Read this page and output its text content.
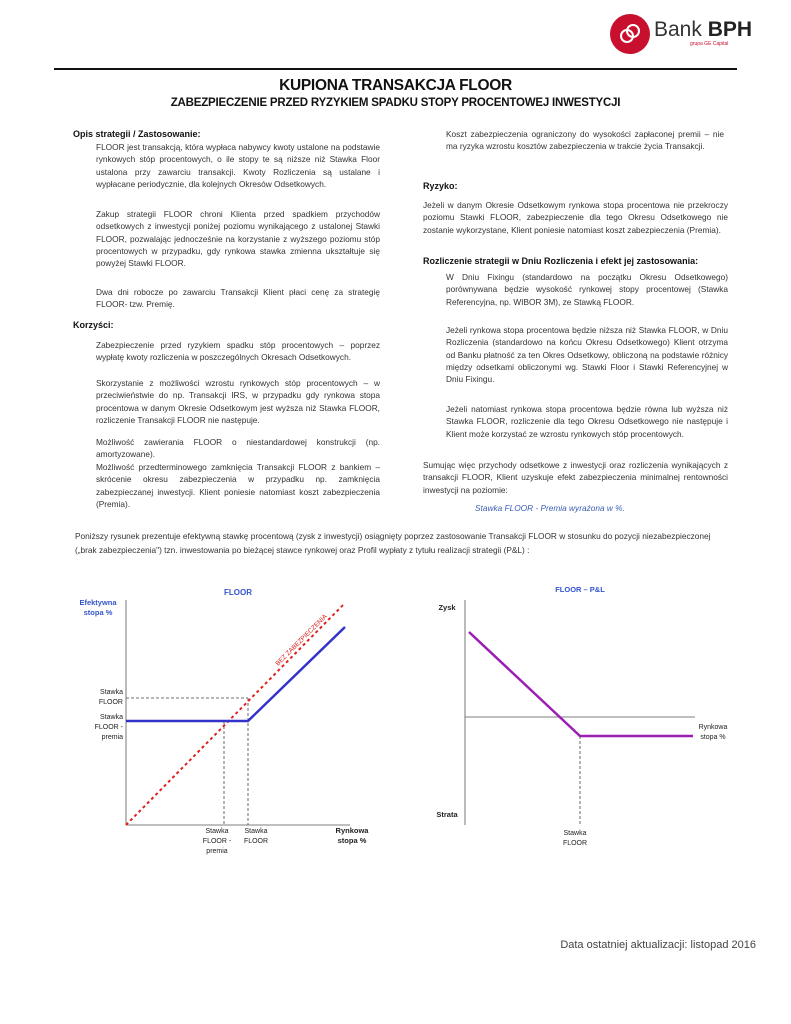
Bank BPH
grupa GE Capital
KUPIONA TRANSAKCJA FLOOR
ZABEZPIECZENIE PRZED RYZYKIEM SPADKU STOPY PROCENTOWEJ INWESTYCJI
Opis strategii / Zastosowanie:
FLOOR jest transakcją, która wypłaca nabywcy kwoty ustalone na podstawie rynkowych stóp procentowych, o ile stopy te są niższe niż Stawka Floor ustalona przy zawarciu transakcji. Kwoty Rozliczenia są ustalane i wypłacane periodycznie, dla kolejnych Okresów Odsetkowych.
Zakup strategii FLOOR chroni Klienta przed spadkiem przychodów odsetkowych z inwestycji poniżej poziomu wynikającego z ustalonej Stawki FLOOR, pozwalając jednocześnie na korzystanie z wyższego poziomu stóp procentowych w przypadku, gdy rynkowa stawka zmienna ukształtuje się powyżej Stawki FLOOR.
Dwa dni robocze po zawarciu Transakcji Klient płaci cenę za strategię FLOOR- tzw. Premię.
Korzyści:
Zabezpieczenie przed ryzykiem spadku stóp procentowych – poprzez wypłatę kwoty rozliczenia w poszczególnych Okresach Odsetkowych.
Skorzystanie z możliwości wzrostu rynkowych stóp procentowych – w przeciwieństwie do np. Transakcji IRS, w przypadku gdy rynkowa stopa procentowa w danym Okresie Odsetkowym jest wyższa niż Stawka FLOOR, rozliczenie Transakcji FLOOR nie następuje.
Możliwość zawierania FLOOR o niestandardowej konstrukcji (np. amortyzowane).
Możliwość przedterminowego zamknięcia Transakcji FLOOR z bankiem – skrócenie okresu zabezpieczenia w przypadku np. zamknięcia zabezpieczanej inwestycji. Klient poniesie natomiast koszt zabezpieczenia (Premia).
Koszt zabezpieczenia ograniczony do wysokości zapłaconej premii – nie ma ryzyka wzrostu kosztów zabezpieczenia w trakcie życia Transakcji.
Ryzyko:
Jeżeli w danym Okresie Odsetkowym rynkowa stopa procentowa nie przekroczy poziomu Stawki FLOOR, zabezpieczenie dla tego Okresu Odsetkowego nie zostanie wykorzystane, Klient poniesie natomiast koszt zabezpieczenia (Premia).
Rozliczenie strategii w Dniu Rozliczenia i efekt jej zastosowania:
W Dniu Fixingu (standardowo na początku Okresu Odsetkowego) porównywana będzie wysokość rynkowej stopy procentowej (Stawka Referencyjna, np. WIBOR 3M), ze Stawką FLOOR.
Jeżeli rynkowa stopa procentowa będzie niższa niż Stawka FLOOR, w Dniu Rozliczenia (standardowo na końcu Okresu Odsetkowego) Klient otrzyma od Banku płatność za ten Okres Odsetkowy, obliczoną na podstawie różnicy między odsetkami obliczonymi wg. Stawki Floor i Stawki Referencyjnej w Dniu Fixingu.
Jeżeli natomiast rynkowa stopa procentowa będzie równa lub wyższa niż Stawka FLOOR, rozliczenie dla tego Okresu Odsetkowego nie następuje i Klient może korzystać ze wzrostu rynkowych stóp procentowych.
Sumując więc przychody odsetkowe z inwestycji oraz rozliczenia wynikających z transakcji FLOOR, Klient uzyskuje efekt zabezpieczenia minimalnej rentowności inwestycji na poziomie:
Stawka FLOOR - Premia wyrażona w %.
Poniższy rysunek prezentuje efektywną stawkę procentową (zysk z inwestycji) osiągnięty poprzez zastosowanie Transakcji FLOOR w stosunku do pozycji niezabezpieczonej („brak zabezpieczenia") tzn. inwestowania po bieżącej stawce rynkowej oraz Profil wypłaty z tytułu realizacji strategii (P&L) :
FLOOR
Efektywna
stopa %
BEZ ZABEZPIECZENIA
Stawka
FLOOR
Stawka
FLOOR -
premia
Stawka
FLOOR -
premia
Stawka
FLOOR
Rynkowa
stopa %
FLOOR – P&L
Zysk
Strata
Rynkowa
stopa %
Stawka
FLOOR
Data ostatniej aktualizacji: listopad 2016
